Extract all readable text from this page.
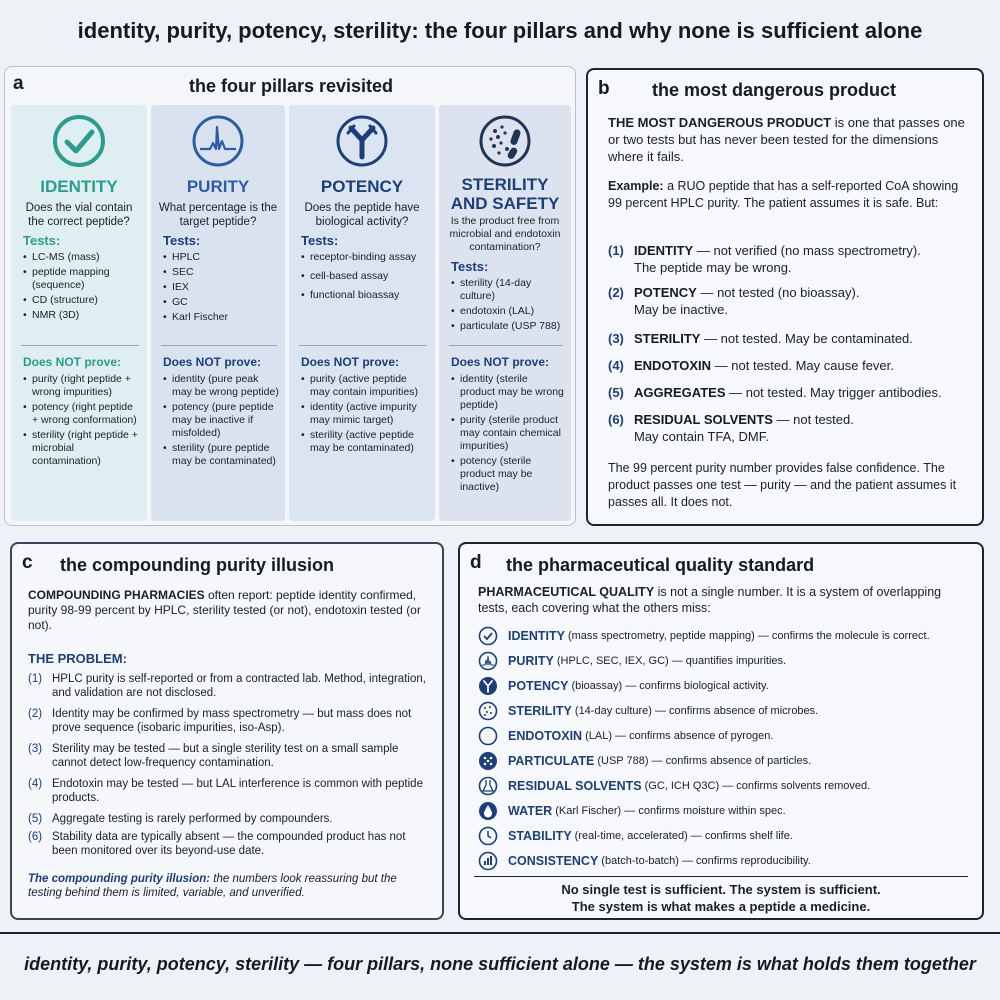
identity, purity, potency, sterility: the four pillars and why none is sufficient alone
a	the four pillars revisited
IDENTITY
Does the vial contain the correct peptide?
Tests:
• LC-MS (mass)
• peptide mapping (sequence)
• CD (structure)
• NMR (3D)
Does NOT prove:
• purity (right peptide + wrong impurities)
• potency (right peptide + wrong conformation)
• sterility (right peptide + microbial contamination)
PURITY
What percentage is the target peptide?
Tests:
• HPLC
• SEC
• IEX
• GC
• Karl Fischer
Does NOT prove:
• identity (pure peak may be wrong peptide)
• potency (pure peptide may be inactive if misfolded)
• sterility (pure peptide may be contaminated)
POTENCY
Does the peptide have biological activity?
Tests:
• receptor-binding assay
• cell-based assay
• functional bioassay
Does NOT prove:
• purity (active peptide may contain impurities)
• identity (active impurity may mimic target)
• sterility (active peptide may be contaminated)
STERILITY
AND SAFETY
Is the product free from microbial and endotoxin contamination?
Tests:
• sterility (14-day culture)
• endotoxin (LAL)
• particulate (USP 788)
Does NOT prove:
• identity (sterile product may be wrong peptide)
• purity (sterile product may contain chemical impurities)
• potency (sterile product may be inactive)
b the most dangerous product
THE MOST DANGEROUS PRODUCT is one that passes one or two tests but has never been tested for the dimensions where it fails.
Example: a RUO peptide that has a self-reported CoA showing 99 percent HPLC purity. The patient assumes it is safe. But:
(1) IDENTITY — not verified (no mass spectrometry).
The peptide may be wrong.
(2) POTENCY — not tested (no bioassay).
May be inactive.
(3) STERILITY — not tested. May be contaminated.
(4) ENDOTOXIN — not tested. May cause fever.
(5) AGGREGATES — not tested. May trigger antibodies.
(6) RESIDUAL SOLVENTS — not tested.
May contain TFA, DMF.
The 99 percent purity number provides false confidence. The product passes one test — purity — and the patient assumes it passes all. It does not.
c the compounding purity illusion
COMPOUNDING PHARMACIES often report: peptide identity confirmed, purity 98-99 percent by HPLC, sterility tested (or not), endotoxin tested (or not).
THE PROBLEM:
(1) HPLC purity is self-reported or from a contracted lab. Method, integration, and validation are not disclosed.
(2) Identity may be confirmed by mass spectrometry — but mass does not prove sequence (isobaric impurities, iso-Asp).
(3) Sterility may be tested — but a single sterility test on a small sample cannot detect low-frequency contamination.
(4) Endotoxin may be tested — but LAL interference is common with peptide products.
(5) Aggregate testing is rarely performed by compounders.
(6) Stability data are typically absent — the compounded product has not been monitored over its beyond-use date.
The compounding purity illusion: the numbers look reassuring but the testing behind them is limited, variable, and unverified.
d the pharmaceutical quality standard
PHARMACEUTICAL QUALITY is not a single number. It is a system of overlapping tests, each covering what the others miss:
IDENTITY (mass spectrometry, peptide mapping) — confirms the molecule is correct.
PURITY (HPLC, SEC, IEX, GC) — quantifies impurities.
POTENCY (bioassay) — confirms biological activity.
STERILITY (14-day culture) — confirms absence of microbes.
ENDOTOXIN (LAL) — confirms absence of pyrogen.
PARTICULATE (USP 788) — confirms absence of particles.
RESIDUAL SOLVENTS (GC, ICH Q3C) — confirms solvents removed.
WATER (Karl Fischer) — confirms moisture within spec.
STABILITY (real-time, accelerated) — confirms shelf life.
CONSISTENCY (batch-to-batch) — confirms reproducibility.
No single test is sufficient. The system is sufficient.
The system is what makes a peptide a medicine.
identity, purity, potency, sterility — four pillars, none sufficient alone — the system is what holds them together
